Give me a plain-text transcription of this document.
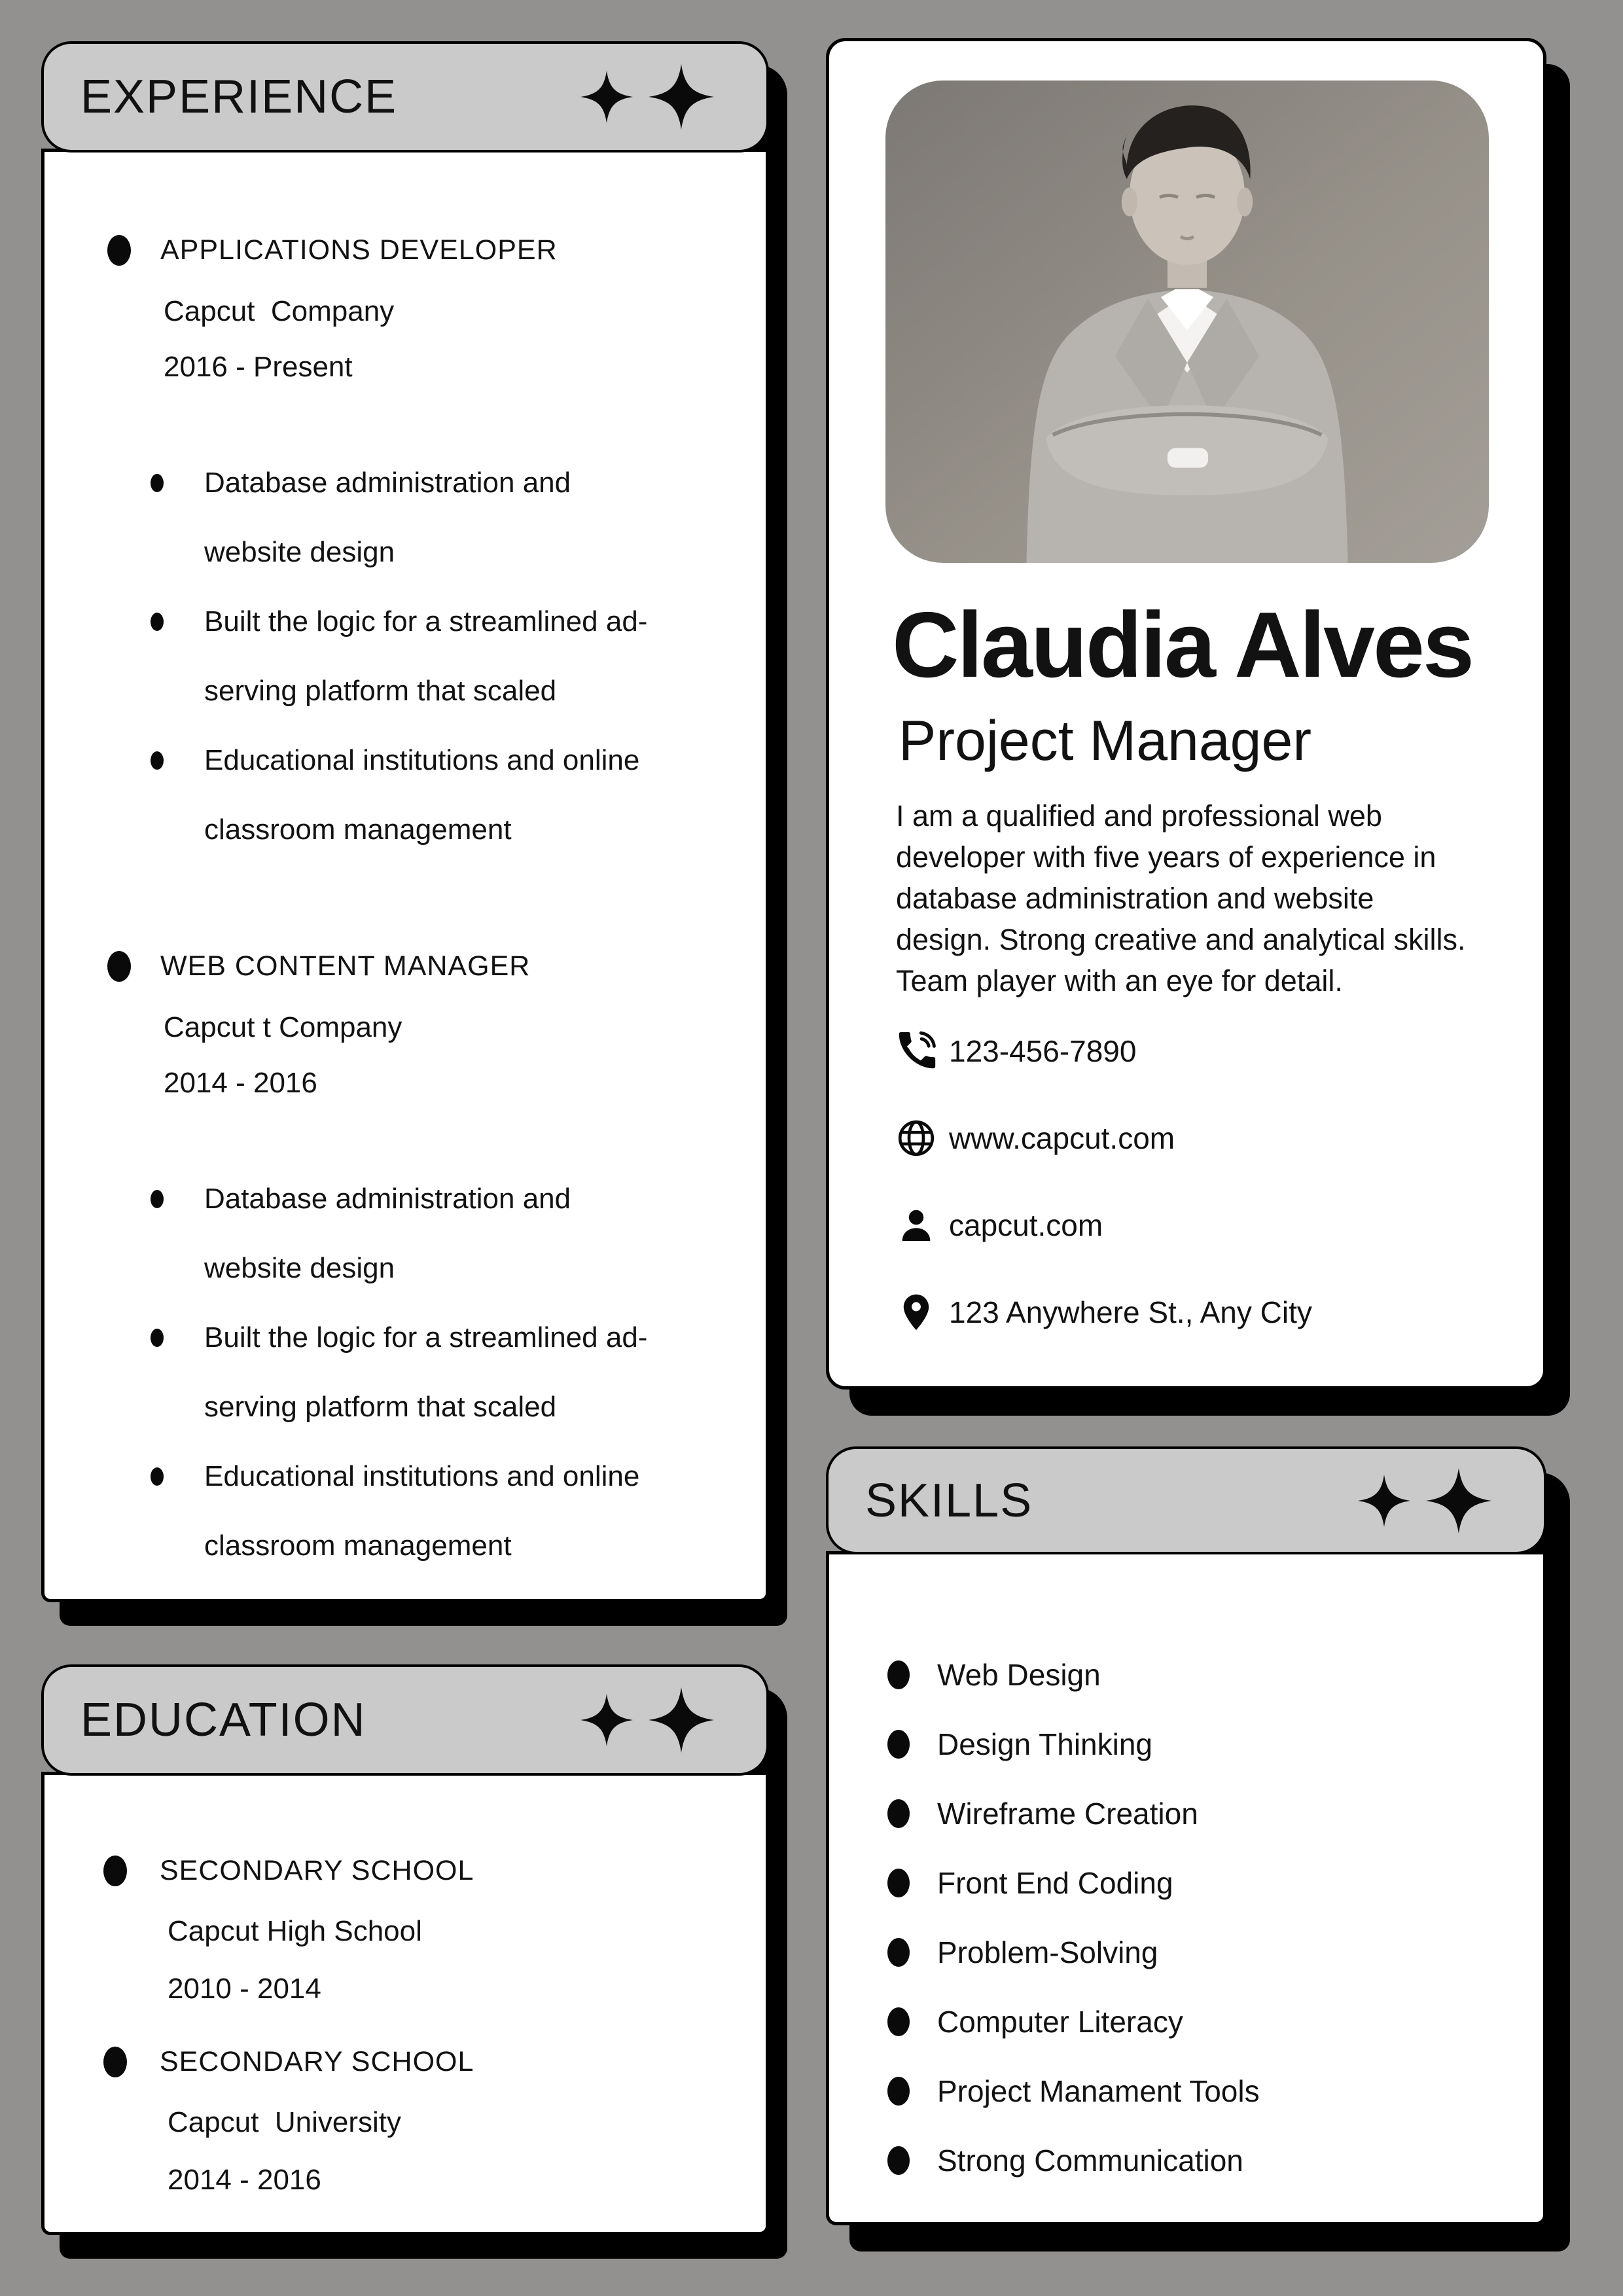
EXPERIENCE
APPLICATIONS DEVELOPER
Capcut  Company
2016 - Present
Database administration and
website design
Built the logic for a streamlined ad-
serving platform that scaled
Educational institutions and online
classroom management
WEB CONTENT MANAGER
Capcut t Company
2014 - 2016
Database administration and
website design
Built the logic for a streamlined ad-
serving platform that scaled
Educational institutions and online
classroom management
EDUCATION
SECONDARY SCHOOL
Capcut High School
2010 - 2014
SECONDARY SCHOOL
Capcut  University
2014 - 2016
Claudia Alves
Project Manager
I am a qualified and professional web
developer with five years of experience in
database administration and website
design. Strong creative and analytical skills.
Team player with an eye for detail.
123-456-7890
www.capcut.com
capcut.com
123 Anywhere St., Any City
SKILLS
Web Design
Design Thinking
Wireframe Creation
Front End Coding
Problem-Solving
Computer Literacy
Project Manament Tools
Strong Communication
